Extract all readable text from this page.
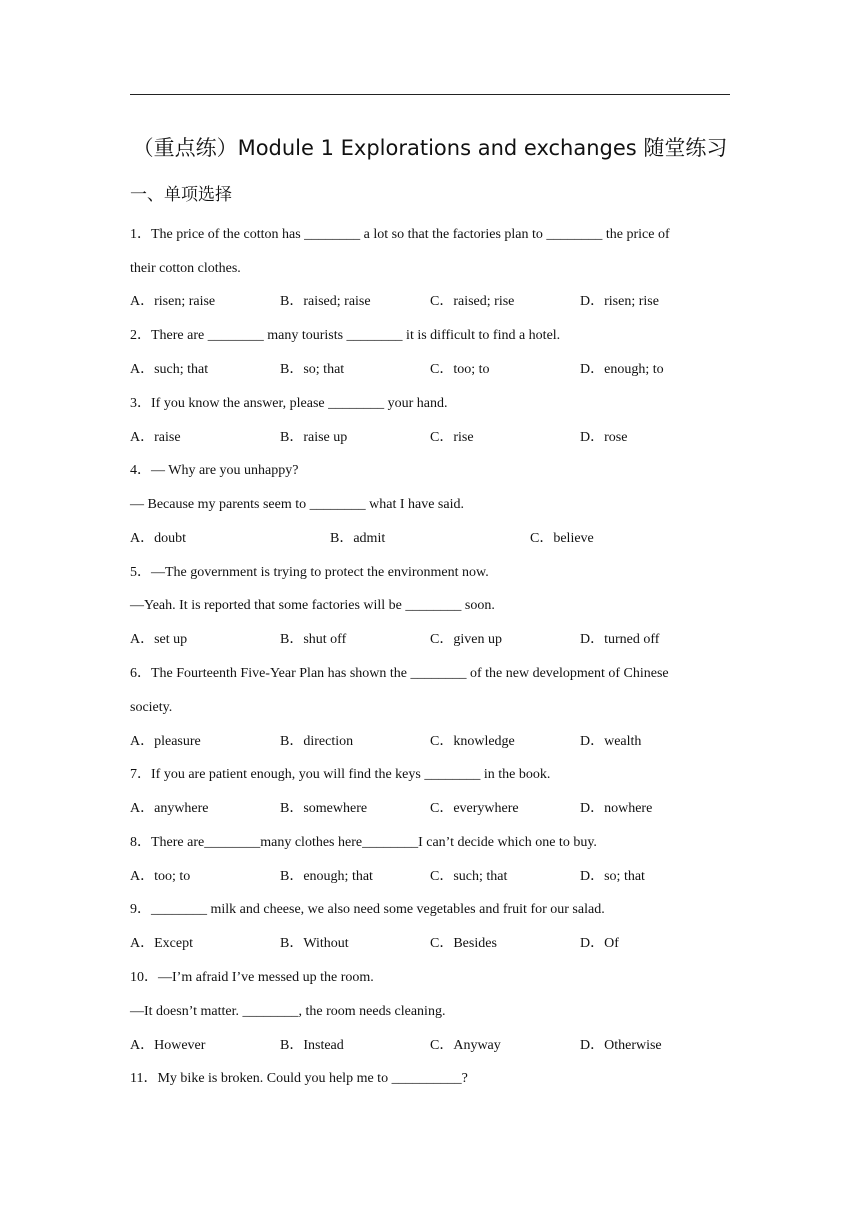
（重点练）Module 1 Explorations and exchanges 随堂练习
一、单项选择
1．The price of the cotton has ________ a lot so that the factories plan to ________ the price of
their cotton clothes.
A．risen; raise	B．raised; raise	C．raised; rise	D．risen; rise
2．There are ________ many tourists ________ it is difficult to find a hotel.
A．such; that	B．so; that	C．too; to	D．enough; to
3．If you know the answer, please ________ your hand.
A．raise	B．raise up	C．rise	D．rose
4．— Why are you unhappy?
— Because my parents seem to ________ what I have said.
A．doubt	B．admit	C．believe
5．—The government is trying to protect the environment now.
—Yeah. It is reported that some factories will be ________ soon.
A．set up	B．shut off	C．given up	D．turned off
6．The Fourteenth Five-Year Plan has shown the ________ of the new development of Chinese
society.
A．pleasure	B．direction	C．knowledge	D．wealth
7．If you are patient enough, you will find the keys ________ in the book.
A．anywhere	B．somewhere	C．everywhere	D．nowhere
8．There are________many clothes here________I can’t decide which one to buy.
A．too; to	B．enough; that	C．such; that	D．so; that
9．________ milk and cheese, we also need some vegetables and fruit for our salad.
A．Except	B．Without	C．Besides	D．Of
10．—I’m afraid I’ve messed up the room.
—It doesn’t matter. ________, the room needs cleaning.
A．However	B．Instead	C．Anyway	D．Otherwise
11．My bike is broken. Could you help me to __________?
